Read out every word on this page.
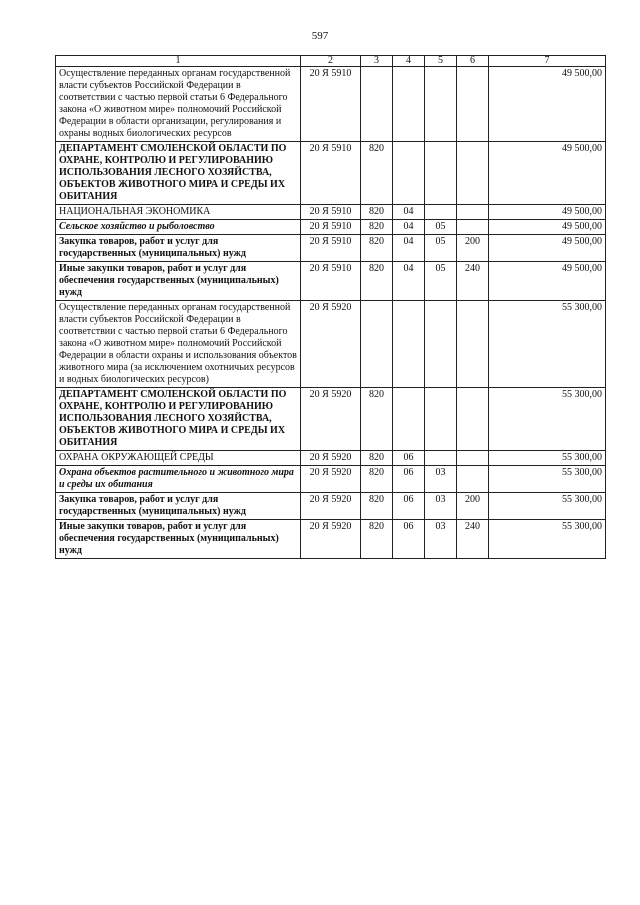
597
1	2	3	4	5	6	7
Осуществление переданных органам государственной власти субъектов Российской Федерации в соответствии с частью первой статьи 6 Федерального закона «О животном мире» полномочий Российской Федерации в области организации, регулирования и охраны водных биологических ресурсов	20 Я 5910					49 500,00
ДЕПАРТАМЕНТ СМОЛЕНСКОЙ ОБЛАСТИ ПО ОХРАНЕ, КОНТРОЛЮ И РЕГУЛИРОВАНИЮ ИСПОЛЬЗОВАНИЯ ЛЕСНОГО ХОЗЯЙСТВА, ОБЪЕКТОВ ЖИВОТНОГО МИРА И СРЕДЫ ИХ ОБИТАНИЯ	20 Я 5910	820				49 500,00
НАЦИОНАЛЬНАЯ ЭКОНОМИКА	20 Я 5910	820	04			49 500,00
Сельское хозяйство и рыболовство	20 Я 5910	820	04	05		49 500,00
Закупка товаров, работ и услуг для государственных (муниципальных) нужд	20 Я 5910	820	04	05	200	49 500,00
Иные закупки товаров, работ и услуг для обеспечения государственных (муниципальных) нужд	20 Я 5910	820	04	05	240	49 500,00
Осуществление переданных органам государственной власти субъектов Российской Федерации в соответствии с частью первой статьи 6 Федерального закона «О животном мире» полномочий Российской Федерации в области охраны и использования объектов животного мира (за исключением охотничьих ресурсов и водных биологических ресурсов)	20 Я 5920					55 300,00
ДЕПАРТАМЕНТ СМОЛЕНСКОЙ ОБЛАСТИ ПО ОХРАНЕ, КОНТРОЛЮ И РЕГУЛИРОВАНИЮ ИСПОЛЬЗОВАНИЯ ЛЕСНОГО ХОЗЯЙСТВА, ОБЪЕКТОВ ЖИВОТНОГО МИРА И СРЕДЫ ИХ ОБИТАНИЯ	20 Я 5920	820				55 300,00
ОХРАНА ОКРУЖАЮЩЕЙ СРЕДЫ	20 Я 5920	820	06			55 300,00
Охрана объектов растительного и животного мира и среды их обитания	20 Я 5920	820	06	03		55 300,00
Закупка товаров, работ и услуг для государственных (муниципальных) нужд	20 Я 5920	820	06	03	200	55 300,00
Иные закупки товаров, работ и услуг для обеспечения государственных (муниципальных) нужд	20 Я 5920	820	06	03	240	55 300,00
